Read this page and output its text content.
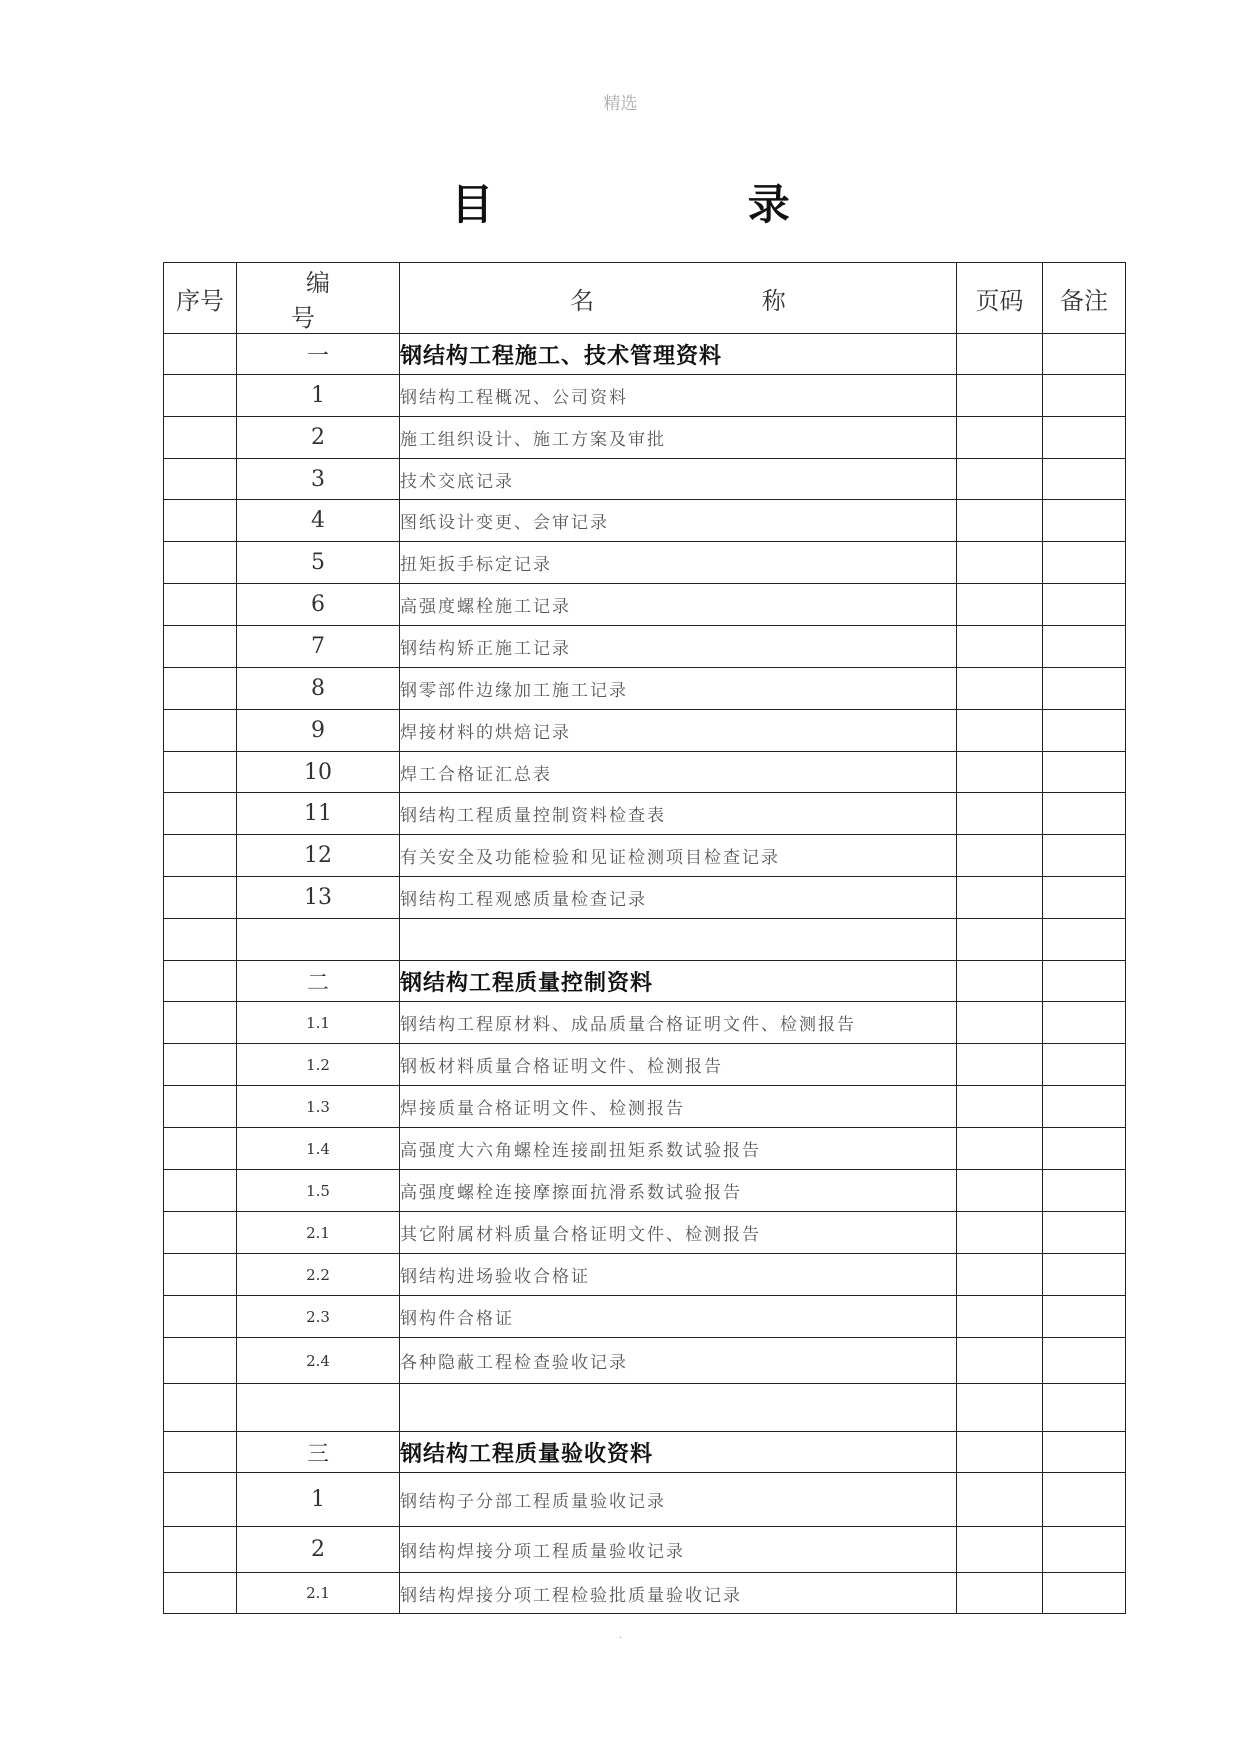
精选
目 录
序号	编 号	名 称	页码	备注
	一	钢结构工程施工、技术管理资料		
	1	钢结构工程概况、公司资料		
	2	施工组织设计、施工方案及审批		
	3	技术交底记录		
	4	图纸设计变更、会审记录		
	5	扭矩扳手标定记录		
	6	高强度螺栓施工记录		
	7	钢结构矫正施工记录		
	8	钢零部件边缘加工施工记录		
	9	焊接材料的烘焙记录		
	10	焊工合格证汇总表		
	11	钢结构工程质量控制资料检查表		
	12	有关安全及功能检验和见证检测项目检查记录		
	13	钢结构工程观感质量检查记录		

	二	钢结构工程质量控制资料		
	1.1	钢结构工程原材料、成品质量合格证明文件、检测报告		
	1.2	钢板材料质量合格证明文件、检测报告		
	1.3	焊接质量合格证明文件、检测报告		
	1.4	高强度大六角螺栓连接副扭矩系数试验报告		
	1.5	高强度螺栓连接摩擦面抗滑系数试验报告		
	2.1	其它附属材料质量合格证明文件、检测报告		
	2.2	钢结构进场验收合格证		
	2.3	钢构件合格证		
	2.4	各种隐蔽工程检查验收记录		

	三	钢结构工程质量验收资料		
	1	钢结构子分部工程质量验收记录		
	2	钢结构焊接分项工程质量验收记录		
	2.1	钢结构焊接分项工程检验批质量验收记录		
.
